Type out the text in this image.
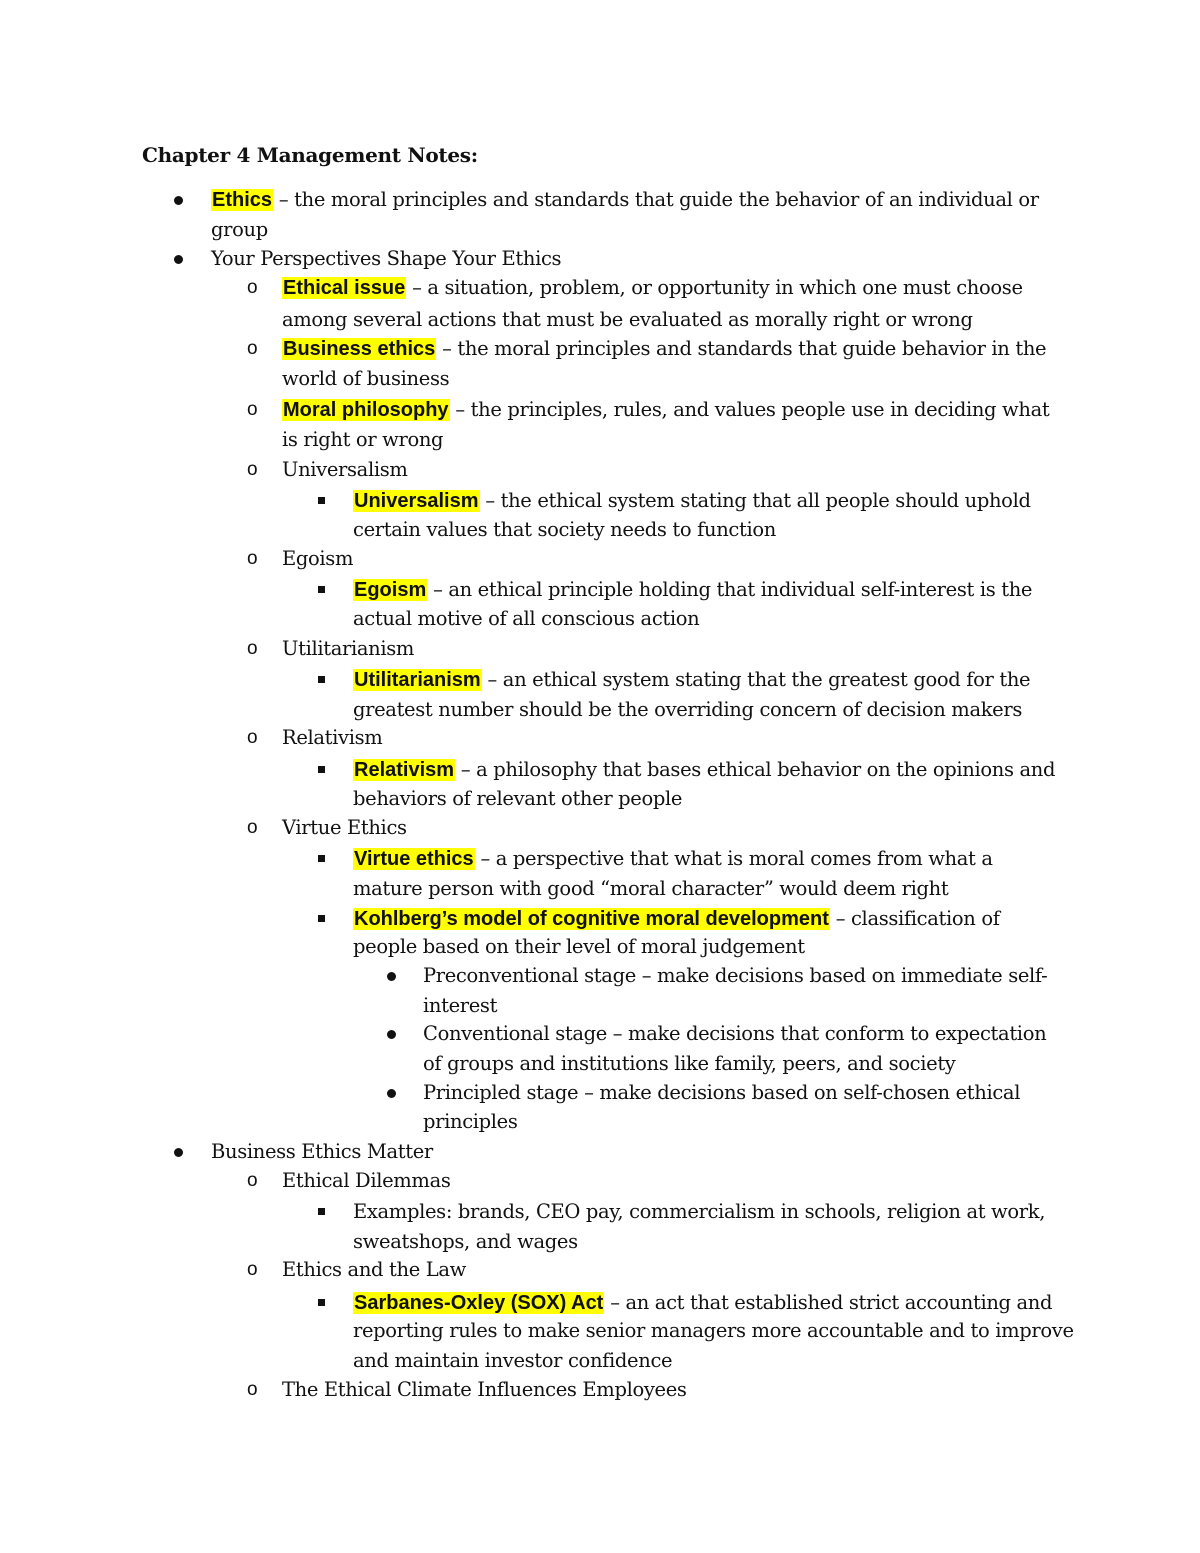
Chapter 4 Management Notes:
Ethics – the moral principles and standards that guide the behavior of an individual or
group
Your Perspectives Shape Your Ethics
o Ethical issue – a situation, problem, or opportunity in which one must choose
among several actions that must be evaluated as morally right or wrong
o Business ethics – the moral principles and standards that guide behavior in the
world of business
o Moral philosophy – the principles, rules, and values people use in deciding what
is right or wrong
o Universalism
Universalism – the ethical system stating that all people should uphold
certain values that society needs to function
o Egoism
Egoism – an ethical principle holding that individual self-interest is the
actual motive of all conscious action
o Utilitarianism
Utilitarianism – an ethical system stating that the greatest good for the
greatest number should be the overriding concern of decision makers
o Relativism
Relativism – a philosophy that bases ethical behavior on the opinions and
behaviors of relevant other people
o Virtue Ethics
Virtue ethics – a perspective that what is moral comes from what a
mature person with good “moral character” would deem right
Kohlberg’s model of cognitive moral development – classification of
people based on their level of moral judgement
Preconventional stage – make decisions based on immediate self-
interest
Conventional stage – make decisions that conform to expectation
of groups and institutions like family, peers, and society
Principled stage – make decisions based on self-chosen ethical
principles
Business Ethics Matter
o Ethical Dilemmas
Examples: brands, CEO pay, commercialism in schools, religion at work,
sweatshops, and wages
o Ethics and the Law
Sarbanes-Oxley (SOX) Act – an act that established strict accounting and
reporting rules to make senior managers more accountable and to improve
and maintain investor confidence
o The Ethical Climate Influences Employees
